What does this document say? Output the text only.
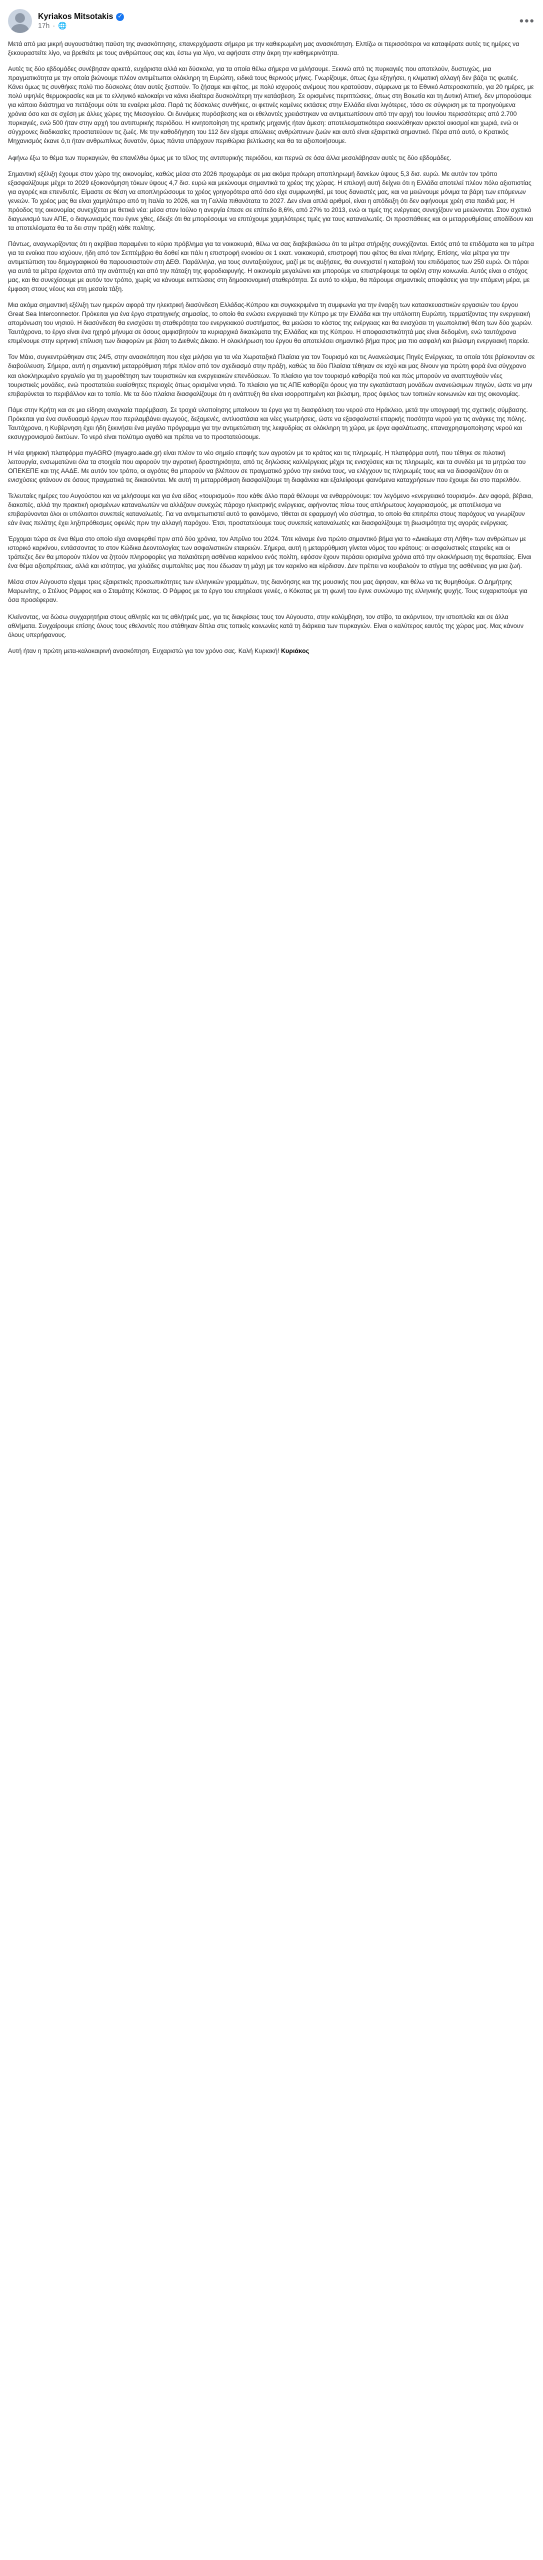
Kyriakos Mitsotakis ✓
17h · 🌐	•••

Μετά από μια μικρή αυγουστιάτικη παύση της ανασκόπησης, επανερχόμαστε σήμερα με την καθιερωμένη μας ανασκόπηση. Ελπίζω οι περισσότεροι να καταφέρατε αυτές τις ημέρες να ξεκουραστείτε λίγο, να βρεθείτε με τους ανθρώπους σας και, έστω για λίγο, να αφήσατε στην άκρη την καθημερινότητα.

Αυτές τις δύο εβδομάδες συνέβησαν αρκετά, ευχάριστα αλλά και δύσκολα, για τα οποία θέλω σήμερα να μιλήσουμε. Ξεκινώ από τις πυρκαγιές που αποτελούν, δυστυχώς, μια πραγματικότητα με την οποία βιώνουμε πλέον αντιμέτωποι ολόκληρη τη Ευρώπη, ειδικά τους θερινούς μήνες. Γνωρίζουμε, όπως έχω εξηγήσει, η κλιματική αλλαγή δεν βάζει τις φωτιές. Κάνει όμως τις συνθήκες πολύ πιο δύσκολες όταν αυτές ξεσπούν. Το ζήσαμε και φέτος, με πολύ ισχυρούς ανέμους που κρατούσαν, σύμφωνα με το Εθνικό Αστεροσκοπείο, για 20 ημέρες, με πολύ υψηλές θερμοκρασίες και με το ελληνικό καλοκαίρι να κάνει ιδιαίτερα δυσκολότερη την κατάσβεση. Σε ορισμένες περιπτώσεις, όπως στη Βοιωτία και τη Δυτική Αττική, δεν μπορούσαμε για κάποιο διάστημα να πετάξουμε ούτε τα εναέρια μέσα. Παρά τις δύσκολες συνθήκες, οι φετινές καμένες εκτάσεις στην Ελλάδα είναι λιγότερες, τόσο σε σύγκριση με τα προηγούμενα χρόνια όσο και σε σχέση με άλλες χώρες της Μεσογείου. Οι δυνάμεις πυρόσβεσης και οι εθελοντές χρειάστηκαν να αντιμετωπίσουν από την αρχή του Ιουνίου περισσότερες από 2.700 πυρκαγιές, ενώ 500 ήταν στην αρχή του αντιπυρικής περιόδου. Η κινητοποίηση της κρατικής μηχανής ήταν άμεση: αποτελεσματικότερα εκκενώθηκαν αρκετοί οικισμοί και χωριά, ενώ οι σύγχρονες διαδικασίες προστατεύουν τις ζωές. Με την καθοδήγηση του 112 δεν είχαμε απώλειες ανθρώπινων ζωών και αυτό είναι εξαιρετικά σημαντικό. Πέρα από αυτό, ο Κρατικός Μηχανισμός έκανε ό,τι ήταν ανθρωπίνως δυνατόν, όμως πάντα υπάρχουν περιθώρια βελτίωσης και θα τα αξιοποιήσουμε.

Αφήνω έξω το θέμα των πυρκαγιών, θα επανέλθω όμως με το τέλος της αντιπυρικής περιόδου, και περνώ σε όσα άλλα μεσολάβησαν αυτές τις δύο εβδομάδες.

Σημαντική εξέλιξη έχουμε στον χώρο της οικονομίας, καθώς μέσα στο 2026 προχωράμε σε μια ακόμα πρόωρη αποπληρωμή δανείων ύψους 5,3 δισ. ευρώ. Με αυτόν τον τρόπο εξασφαλίζουμε μέχρι το 2029 εξοικονόμηση τόκων ύψους 4,7 δισ. ευρώ και μειώνουμε σημαντικά το χρέος της χώρας. Η επιλογή αυτή δείχνει ότι η Ελλάδα αποτελεί πλέον πόλο αξιοπιστίας για αγορές και επενδυτές. Είμαστε σε θέση να αποπληρώσουμε το χρέος γρηγορότερα από όσο είχε συμφωνηθεί, με τους δανειστές μας, και να μειώνουμε μόνιμα τα βάρη των επόμενων γενεών. Το χρέος μας θα είναι χαμηλότερο από τη Ιταλία το 2026, και τη Γαλλία πιθανότατα το 2027. Δεν είναι απλά αριθμοί, είναι η απόδειξη ότι δεν αφήνουμε χρέη στα παιδιά μας. Η πρόοδος της οικονομίας συνεχίζεται με θετικά νέα: μέσα στον Ιούλιο η ανεργία έπεσε σε επίπεδο 8,6%, από 27% το 2013, ενώ οι τιμές της ενέργειας συνεχίζουν να μειώνονται. Στον σχετικό διαγωνισμό των ΑΠΕ, ο διαγωνισμός που έγινε χθες, έδειξε ότι θα μπορέσουμε να επιτύχουμε χαμηλότερες τιμές για τους καταναλωτές. Οι προσπάθειες και οι μεταρρυθμίσεις αποδίδουν και τα αποτελέσματα θα τα δει στην πράξη κάθε πολίτης.

Πάντως, αναγνωρίζοντας ότι η ακρίβεια παραμένει το κύριο πρόβλημα για τα νοικοκυριά, θέλω να σας διαβεβαιώσω ότι τα μέτρα στήριξης συνεχίζονται. Εκτός από τα επιδόματα και τα μέτρα για τα ενοίκια που ισχύουν, ήδη από τον Σεπτέμβριο θα δοθεί και πάλι η επιστροφή ενοικίου σε 1 εκατ. νοικοκυριά, επιστροφή που φέτος θα είναι πλήρης. Επίσης, νέα μέτρα για την αντιμετώπιση του δημογραφικού θα παρουσιαστούν στη ΔΕΘ. Παράλληλα, για τους συνταξιούχους, μαζί με τις αυξήσεις, θα συνεχιστεί η καταβολή του επιδόματος των 250 ευρώ. Οι πόροι για αυτά τα μέτρα έρχονται από την ανάπτυξη και από την πάταξη της φοροδιαφυγής. Η οικονομία μεγαλώνει και μπορούμε να επιστρέφουμε τα οφέλη στην κοινωνία. Αυτός είναι ο στόχος μας, και θα συνεχίσουμε με αυτόν τον τρόπο, χωρίς να κάνουμε εκπτώσεις στη δημοσιονομική σταθερότητα. Σε αυτό το κλίμα, θα πάρουμε σημαντικές αποφάσεις για την επόμενη μέρα, με έμφαση στους νέους και στη μεσαία τάξη.

Μια ακόμα σημαντική εξέλιξη των ημερών αφορά την ηλεκτρική διασύνδεση Ελλάδας-Κύπρου και συγκεκριμένα τη συμφωνία για την έναρξη των κατασκευαστικών εργασιών του έργου Great Sea Interconnector. Πρόκειται για ένα έργο στρατηγικής σημασίας, το οποίο θα ενώσει ενεργειακά την Κύπρο με την Ελλάδα και την υπόλοιπη Ευρώπη, τερματίζοντας την ενεργειακή απομόνωση του νησιού. Η διασύνδεση θα ενισχύσει τη σταθερότητα του ενεργειακού συστήματος, θα μειώσει το κόστος της ενέργειας και θα ενισχύσει τη γεωπολιτική θέση των δύο χωρών. Ταυτόχρονα, το έργο είναι ένα ηχηρό μήνυμα σε όσους αμφισβητούν τα κυριαρχικά δικαιώματα της Ελλάδας και της Κύπρου. Η αποφασιστικότητά μας είναι δεδομένη, ενώ ταυτόχρονα επιμένουμε στην ειρηνική επίλυση των διαφορών με βάση το Διεθνές Δίκαιο. Η ολοκλήρωση του έργου θα αποτελέσει σημαντικό βήμα προς μια πιο ασφαλή και βιώσιμη ενεργειακή πορεία.

Τον Μάιο, συγκεντρώθηκαν στις 24/5, στην ανασκόπηση που είχα μιλήσει για τα νέα Χωροταξικά Πλαίσια για τον Τουρισμό και τις Ανανεώσιμες Πηγές Ενέργειας, τα οποία τότε βρίσκονταν σε διαβούλευση. Σήμερα, αυτή η σημαντική μεταρρύθμιση πήρε πλέον από τον σχεδιασμό στην πράξη, καθώς τα δύο Πλαίσια τέθηκαν σε ισχύ και μας δίνουν για πρώτη φορά ένα σύγχρονο και ολοκληρωμένο εργαλείο για τη χωροθέτηση των τουριστικών και ενεργειακών επενδύσεων. Το πλαίσιο για τον τουρισμό καθορίζει πού και πώς μπορούν να αναπτυχθούν νέες τουριστικές μονάδες, ενώ προστατεύει ευαίσθητες περιοχές όπως ορισμένα νησιά. Το πλαίσιο για τις ΑΠΕ καθορίζει όρους για την εγκατάσταση μονάδων ανανεώσιμων πηγών, ώστε να μην επιβαρύνεται το περιβάλλον και το τοπίο. Με τα δύο πλαίσια διασφαλίζουμε ότι η ανάπτυξη θα είναι ισορροπημένη και βιώσιμη, προς όφελος των τοπικών κοινωνιών και της οικονομίας.

Πάμε στην Κρήτη και σε μια είδηση αναγκαία παρέμβαση. Σε τροχιά υλοποίησης μπαίνουν τα έργα για τη διασφάλιση του νερού στο Ηράκλειο, μετά την υπογραφή της σχετικής σύμβασης. Πρόκειται για ένα συνδυασμό έργων που περιλαμβάνει αγωγούς, δεξαμενές, αντλιοστάσια και νέες γεωτρήσεις, ώστε να εξασφαλιστεί επαρκής ποσότητα νερού για τις ανάγκες της πόλης. Ταυτόχρονα, η Κυβέρνηση έχει ήδη ξεκινήσει ένα μεγάλο πρόγραμμα για την αντιμετώπιση της λειψυδρίας σε ολόκληρη τη χώρα, με έργα αφαλάτωσης, επαναχρησιμοποίησης νερού και εκσυγχρονισμού δικτύων. Το νερό είναι πολύτιμο αγαθό και πρέπει να το προστατεύσουμε.

Η νέα ψηφιακή πλατφόρμα myAGRO (myagro.aade.gr) είναι πλέον το νέο σημείο επαφής των αγροτών με το κράτος και τις πληρωμές. Η πλατφόρμα αυτή, που τέθηκε σε πιλοτική λειτουργία, ενσωματώνει όλα τα στοιχεία που αφορούν την αγροτική δραστηριότητα, από τις δηλώσεις καλλιέργειας μέχρι τις ενισχύσεις και τις πληρωμές, και τα συνδέει με τα μητρώα του ΟΠΕΚΕΠΕ και της ΑΑΔΕ. Με αυτόν τον τρόπο, οι αγρότες θα μπορούν να βλέπουν σε πραγματικό χρόνο την εικόνα τους, να ελέγχουν τις πληρωμές τους και να διασφαλίζουν ότι οι ενισχύσεις φτάνουν σε όσους πραγματικά τις δικαιούνται. Με αυτή τη μεταρρύθμιση διασφαλίζουμε τη διαφάνεια και εξαλείφουμε φαινόμενα καταχρήσεων που έχουμε δει στο παρελθόν.

Τελευταίες ημέρες του Αυγούστου και να μιλήσουμε και για ένα είδος «τουρισμού» που κάθε άλλο παρά θέλουμε να ενθαρρύνουμε: τον λεγόμενο «ενεργειακό τουρισμό». Δεν αφορά, βέβαια, διακοπές, αλλά την πρακτική ορισμένων καταναλωτών να αλλάζουν συνεχώς πάροχο ηλεκτρικής ενέργειας, αφήνοντας πίσω τους απλήρωτους λογαριασμούς, με αποτέλεσμα να επιβαρύνονται όλοι οι υπόλοιποι συνεπείς καταναλωτές. Για να αντιμετωπιστεί αυτό το φαινόμενο, τίθεται σε εφαρμογή νέο σύστημα, το οποίο θα επιτρέπει στους παρόχους να γνωρίζουν εάν ένας πελάτης έχει ληξιπρόθεσμες οφειλές πριν την αλλαγή παρόχου. Έτσι, προστατεύουμε τους συνεπείς καταναλωτές και διασφαλίζουμε τη βιωσιμότητα της αγοράς ενέργειας.

Έρχομαι τώρα σε ένα θέμα στο οποίο είχα αναφερθεί πριν από δύο χρόνια, τον Απρίλιο του 2024. Τότε κάναμε ένα πρώτο σημαντικό βήμα για το «Δικαίωμα στη Λήθη» των ανθρώπων με ιστορικό καρκίνου, εντάσσοντας το στον Κώδικα Δεοντολογίας των ασφαλιστικών εταιρειών. Σήμερα, αυτή η μεταρρύθμιση γίνεται νόμος του κράτους: οι ασφαλιστικές εταιρείες και οι τράπεζες δεν θα μπορούν πλέον να ζητούν πληροφορίες για παλαιότερη ασθένεια καρκίνου ενός πολίτη, εφόσον έχουν περάσει ορισμένα χρόνια από την ολοκλήρωση της θεραπείας. Είναι ένα θέμα αξιοπρέπειας, αλλά και ισότητας, για χιλιάδες συμπολίτες μας που έδωσαν τη μάχη με τον καρκίνο και κέρδισαν. Δεν πρέπει να κουβαλούν το στίγμα της ασθένειας για μια ζωή.

Μέσα στον Αύγουστο είχαμε τρεις εξαιρετικές προσωπικότητες των ελληνικών γραμμάτων, της διανόησης και της μουσικής που μας άφησαν, και θέλω να τις θυμηθούμε. Ο Δημήτρης Μαρωνίτης, ο Στέλιος Ράμφος και ο Σταμάτης Κόκοτας. Ο Ράμφος με το έργο του επηρέασε γενιές, ο Κόκοτας με τη φωνή του έγινε συνώνυμο της ελληνικής ψυχής. Τους ευχαριστούμε για όσα προσέφεραν.

Κλείνοντας, να δώσω συγχαρητήρια στους αθλητές και τις αθλήτριές μας, για τις διακρίσεις τους τον Αύγουστο, στην κολύμβηση, τον στίβο, τα ακόρντεον, την ιστιοπλοΐα και σε άλλα αθλήματα. Συγχαίρουμε επίσης όλους τους εθελοντές που στάθηκαν δίπλα στις τοπικές κοινωνίες κατά τη διάρκεια των πυρκαγιών. Είναι ο καλύτερος εαυτός της χώρας μας. Μας κάνουν όλους υπερήφανους.

Αυτή ήταν η πρώτη μετα-καλοκαιρινή ανασκόπηση. Ευχαριστώ για τον χρόνο σας. Καλή Κυριακή! Κυριάκος
